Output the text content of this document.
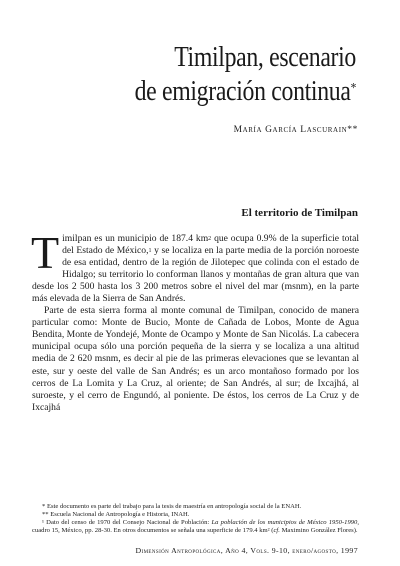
Timilpan, escenario
de emigración continua*
María García Lascurain**
El territorio de Timilpan

Timilpan es un municipio de 187.4 km$^2$ que ocupa 0.9% de la superficie total del Estado de México,$^1$ y se localiza en la parte media de la porción noroeste de esa entidad, dentro de la región de Jilotepec que colinda con el estado de Hidalgo; su territorio lo conforman llanos y montañas de gran altura que van desde los 2 500 hasta los 3 200 metros sobre el nivel del mar (msnm), en la parte más elevada de la Sierra de San Andrés.

Parte de esta sierra forma al monte comunal de Timilpan, conocido de manera particular como: Monte de Bucio, Monte de Cañada de Lobos, Monte de Agua Bendita, Monte de Yondejé, Monte de Ocampo y Monte de San Nicolás. La cabecera municipal ocupa sólo una porción pequeña de la sierra y se localiza a una altitud media de 2 620 msnm, es decir al pie de las primeras elevaciones que se levantan al este, sur y oeste del valle de San Andrés; es un arco montañoso formado por los cerros de La Lomita y La Cruz, al oriente; de San Andrés, al sur; de Ixcajhá, al suroeste, y el cerro de Engundó, al poniente. De éstos, los cerros de La Cruz y de Ixcajhá

* Este documento es parte del trabajo para la tesis de maestría en antropología social de la ENAH.
** Escuela Nacional de Antropología e Historia, INAH.
¹ Dato del censo de 1970 del Consejo Nacional de Población: La población de los municipios de México 1950-1990, cuadro 15, México, pp. 28-30. En otros documentos se señala una superficie de 179.4 km² (cf. Maximino González Flores).
Dimensión Antropológica, Año 4, Vols. 9-10, enero/agosto, 1997
